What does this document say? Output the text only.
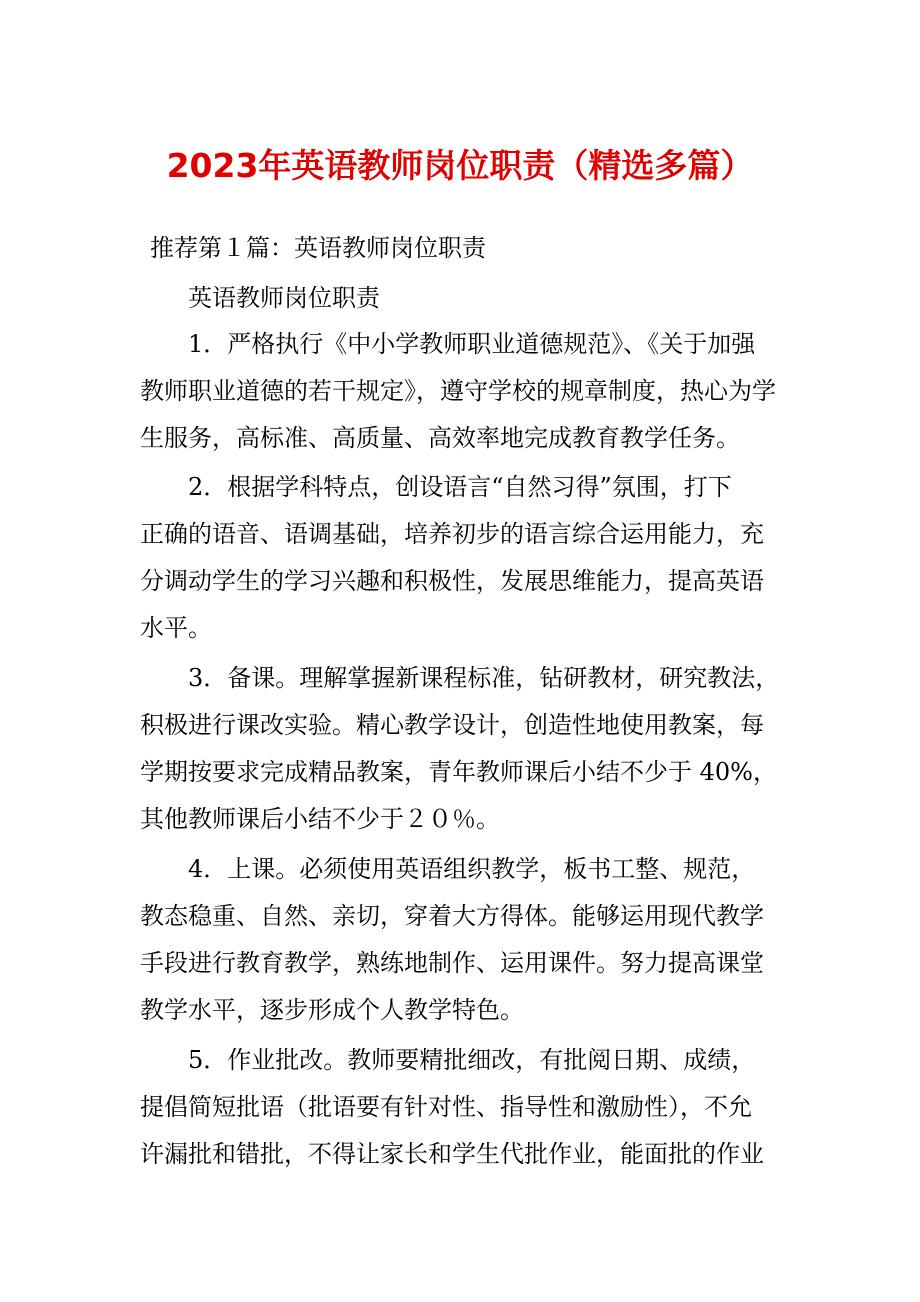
2023年英语教师岗位职责（精选多篇）
推荐第１篇：英语教师岗位职责
英语教师岗位职责
1．严格执行《中小学教师职业道德规范》、《关于加强
教师职业道德的若干规定》，遵守学校的规章制度，热心为学
生服务，高标准、高质量、高效率地完成教育教学任务。
2．根据学科特点，创设语言“自然习得”氛围，打下
正确的语音、语调基础，培养初步的语言综合运用能力，充
分调动学生的学习兴趣和积极性，发展思维能力，提高英语
水平。
3．备课。理解掌握新课程标准，钻研教材，研究教法，
积极进行课改实验。精心教学设计，创造性地使用教案，每
学期按要求完成精品教案，青年教师课后小结不少于 40%，
其他教师课后小结不少于２０％。
4．上课。必须使用英语组织教学，板书工整、规范，
教态稳重、自然、亲切，穿着大方得体。能够运用现代教学
手段进行教育教学，熟练地制作、运用课件。努力提高课堂
教学水平，逐步形成个人教学特色。
5．作业批改。教师要精批细改，有批阅日期、成绩，
提倡简短批语（批语要有针对性、指导性和激励性），不允
许漏批和错批，不得让家长和学生代批作业，能面批的作业
